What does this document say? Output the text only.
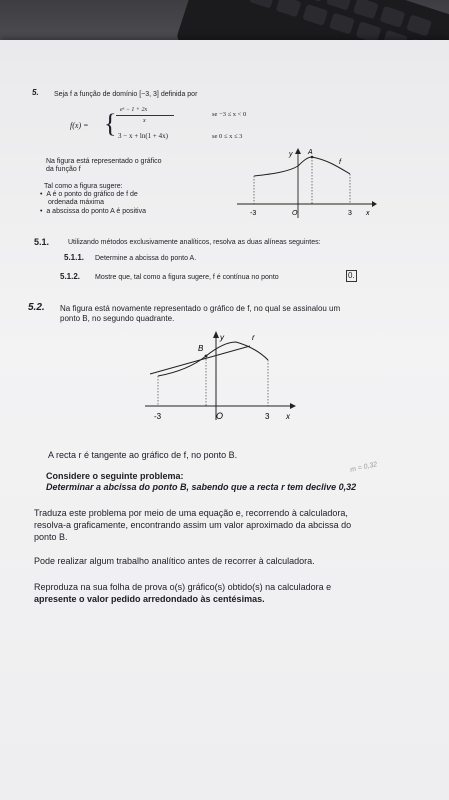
5. Seja f a função de domínio [−3, 3] definida por
f(x) = { eˣ − 1 + 2x
x
se −3 ≤ x < 0
3 − x + ln(1 + 4x)	se 0 ≤ x ≤ 3
Na figura está representado o gráfico
da função f
Tal como a figura sugere:
•  A é o ponto do gráfico de f de
ordenada máxima
•  a abscissa do ponto A é positiva
y A
f
-3	O	3 x
5.1.	Utilizando métodos exclusivamente analíticos, resolva as duas alíneas seguintes:
5.1.1. Determine a abcissa do ponto A.
5.1.2. Mostre que, tal como a figura sugere, f é contínua no ponto	0.
5.2. Na figura está novamente representado o gráfico de f, no qual se assinalou um
ponto B, no segundo quadrante.
y	r
B
-3	O	3 x
A recta r é tangente ao gráfico de f, no ponto B.
Considere o seguinte problema:
Determinar a abcissa do ponto B, sabendo que a recta r tem declive 0,32
m = 0,32
Traduza este problema por meio de uma equação e, recorrendo à calculadora,
resolva-a graficamente, encontrando assim um valor aproximado da abcissa do
ponto B.
Pode realizar algum trabalho analítico antes de recorrer à calculadora.
Reproduza na sua folha de prova o(s) gráfico(s) obtido(s) na calculadora e
apresente o valor pedido arredondado às centésimas.
